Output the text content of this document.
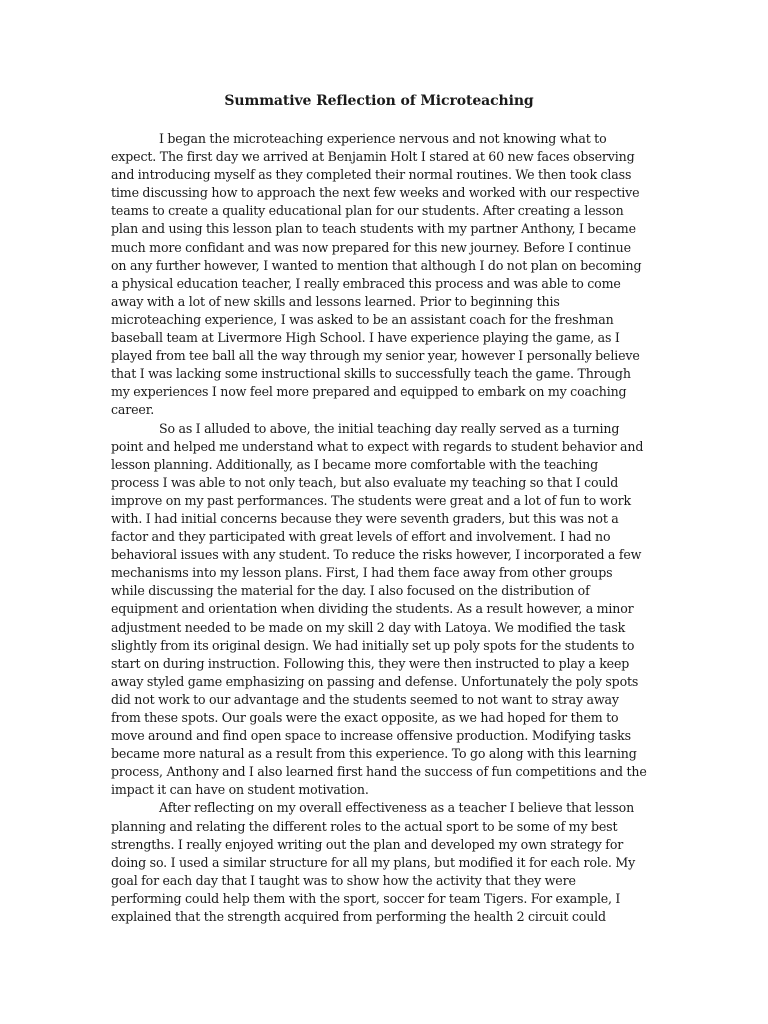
Summative Reflection of Microteaching

I began the microteaching experience nervous and not knowing what to expect. The first day we arrived at Benjamin Holt I stared at 60 new faces observing and introducing myself as they completed their normal routines. We then took class time discussing how to approach the next few weeks and worked with our respective teams to create a quality educational plan for our students. After creating a lesson plan and using this lesson plan to teach students with my partner Anthony, I became much more confidant and was now prepared for this new journey. Before I continue on any further however, I wanted to mention that although I do not plan on becoming a physical education teacher, I really embraced this process and was able to come away with a lot of new skills and lessons learned. Prior to beginning this microteaching experience, I was asked to be an assistant coach for the freshman baseball team at Livermore High School. I have experience playing the game, as I played from tee ball all the way through my senior year, however I personally believe that I was lacking some instructional skills to successfully teach the game. Through my experiences I now feel more prepared and equipped to embark on my coaching career.

So as I alluded to above, the initial teaching day really served as a turning point and helped me understand what to expect with regards to student behavior and lesson planning. Additionally, as I became more comfortable with the teaching process I was able to not only teach, but also evaluate my teaching so that I could improve on my past performances. The students were great and a lot of fun to work with. I had initial concerns because they were seventh graders, but this was not a factor and they participated with great levels of effort and involvement. I had no behavioral issues with any student. To reduce the risks however, I incorporated a few mechanisms into my lesson plans. First, I had them face away from other groups while discussing the material for the day. I also focused on the distribution of equipment and orientation when dividing the students. As a result however, a minor adjustment needed to be made on my skill 2 day with Latoya. We modified the task slightly from its original design. We had initially set up poly spots for the students to start on during instruction. Following this, they were then instructed to play a keep away styled game emphasizing on passing and defense. Unfortunately the poly spots did not work to our advantage and the students seemed to not want to stray away from these spots. Our goals were the exact opposite, as we had hoped for them to move around and find open space to increase offensive production. Modifying tasks became more natural as a result from this experience. To go along with this learning process, Anthony and I also learned first hand the success of fun competitions and the impact it can have on student motivation.

After reflecting on my overall effectiveness as a teacher I believe that lesson planning and relating the different roles to the actual sport to be some of my best strengths. I really enjoyed writing out the plan and developed my own strategy for doing so. I used a similar structure for all my plans, but modified it for each role. My goal for each day that I taught was to show how the activity that they were performing could help them with the sport, soccer for team Tigers. For example, I explained that the strength acquired from performing the health 2 circuit could
